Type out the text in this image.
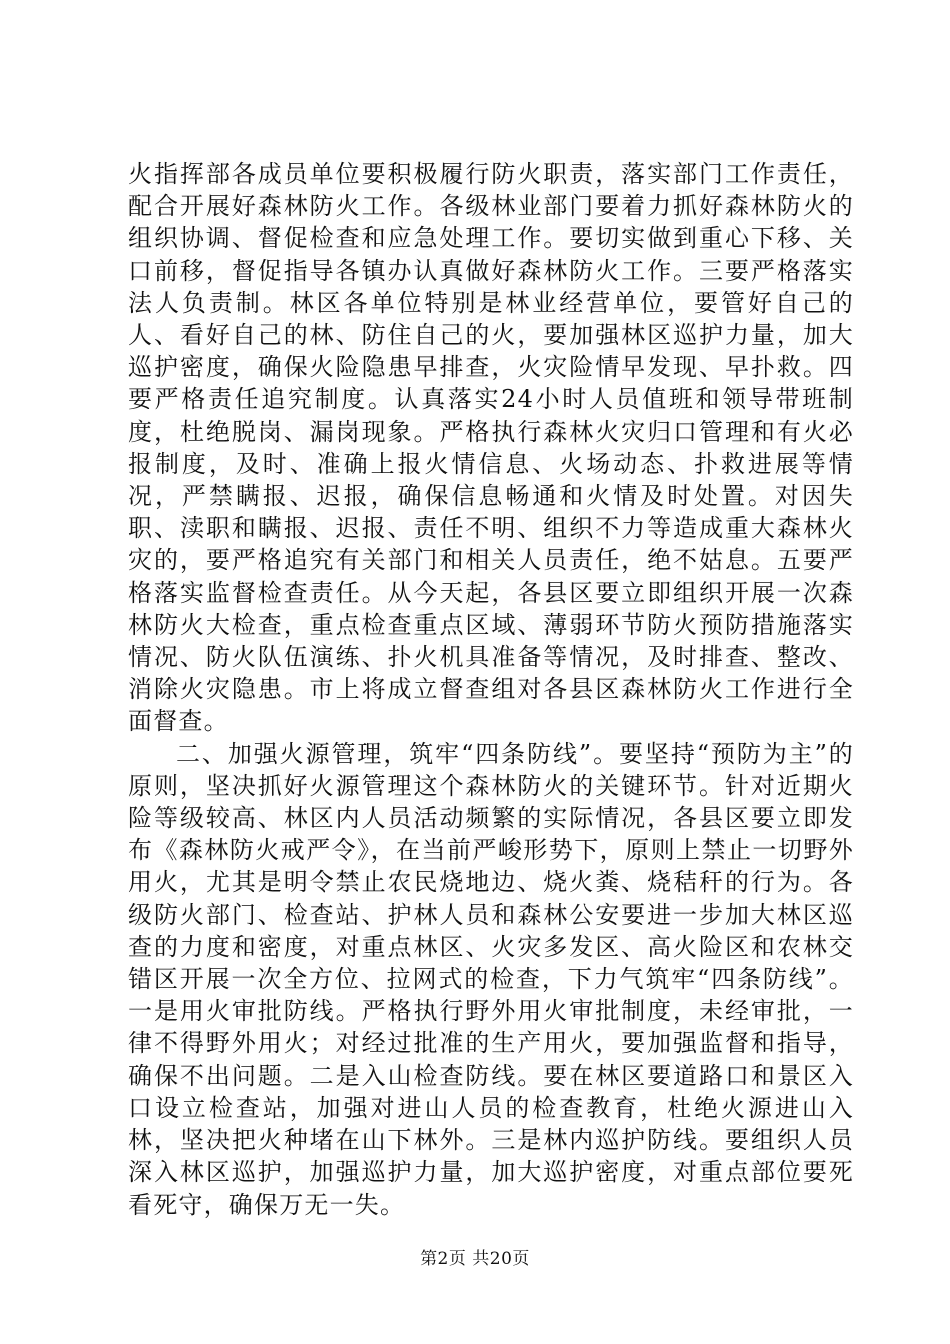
火指挥部各成员单位要积极履行防火职责，落实部门工作责任，配合开展好森林防火工作。各级林业部门要着力抓好森林防火的组织协调、督促检查和应急处理工作。要切实做到重心下移、关口前移，督促指导各镇办认真做好森林防火工作。三要严格落实法人负责制。林区各单位特别是林业经营单位，要管好自己的人、看好自己的林、防住自己的火，要加强林区巡护力量，加大巡护密度，确保火险隐患早排查，火灾险情早发现、早扑救。四要严格责任追究制度。认真落实24小时人员值班和领导带班制度，杜绝脱岗、漏岗现象。严格执行森林火灾归口管理和有火必报制度，及时、准确上报火情信息、火场动态、扑救进展等情况，严禁瞒报、迟报，确保信息畅通和火情及时处置。对因失职、渎职和瞒报、迟报、责任不明、组织不力等造成重大森林火灾的，要严格追究有关部门和相关人员责任，绝不姑息。五要严格落实监督检查责任。从今天起，各县区要立即组织开展一次森林防火大检查，重点检查重点区域、薄弱环节防火预防措施落实情况、防火队伍演练、扑火机具准备等情况，及时排查、整改、消除火灾隐患。市上将成立督查组对各县区森林防火工作进行全面督查。

二、加强火源管理，筑牢“四条防线”。要坚持“预防为主”的原则，坚决抓好火源管理这个森林防火的关键环节。针对近期火险等级较高、林区内人员活动频繁的实际情况，各县区要立即发布《森林防火戒严令》，在当前严峻形势下，原则上禁止一切野外用火，尤其是明令禁止农民烧地边、烧火粪、烧秸秆的行为。各级防火部门、检查站、护林人员和森林公安要进一步加大林区巡查的力度和密度，对重点林区、火灾多发区、高火险区和农林交错区开展一次全方位、拉网式的检查，下力气筑牢“四条防线”。一是用火审批防线。严格执行野外用火审批制度，未经审批，一律不得野外用火；对经过批准的生产用火，要加强监督和指导，确保不出问题。二是入山检查防线。要在林区要道路口和景区入口设立检查站，加强对进山人员的检查教育，杜绝火源进山入林，坚决把火种堵在山下林外。三是林内巡护防线。要组织人员深入林区巡护，加强巡护力量，加大巡护密度，对重点部位要死看死守，确保万无一失。

第2页 共20页
